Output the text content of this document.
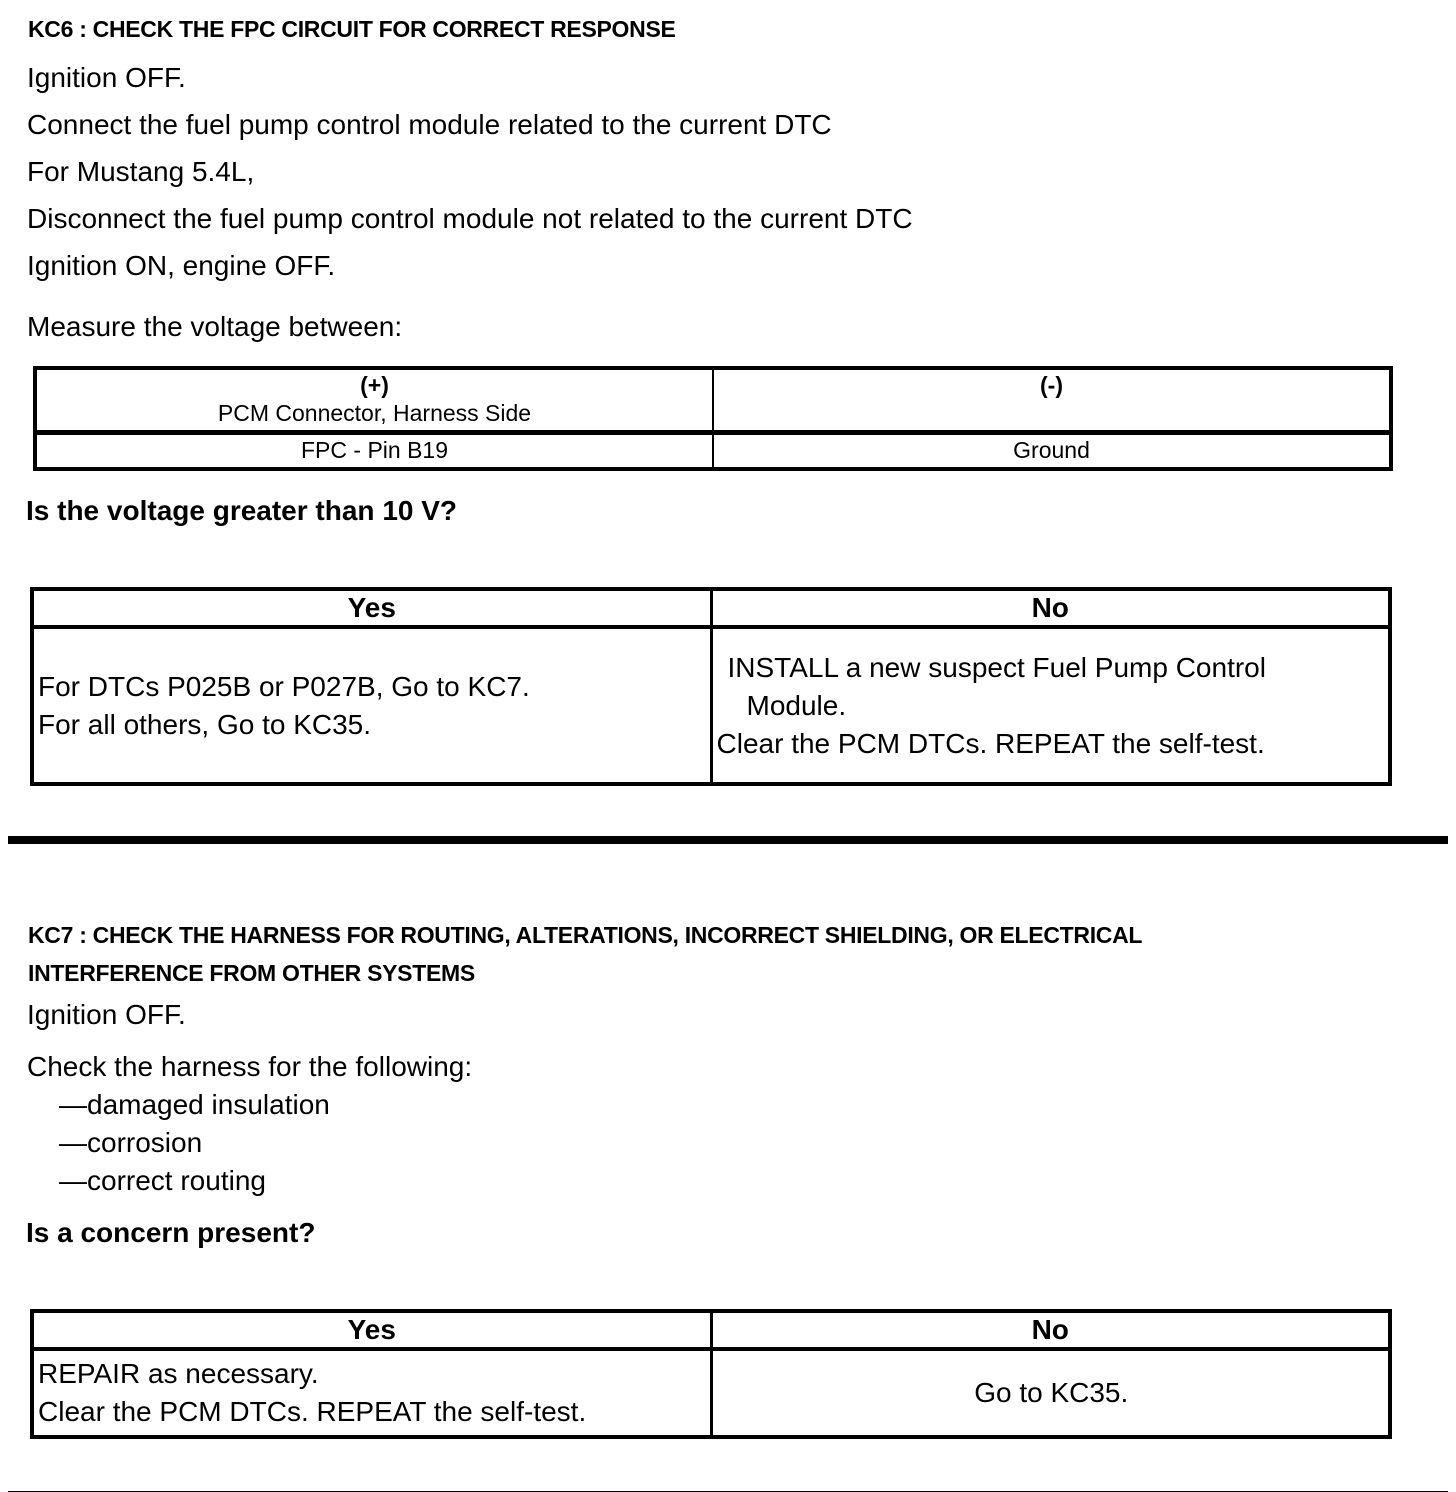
KC6 : CHECK THE FPC CIRCUIT FOR CORRECT RESPONSE

Ignition OFF.

Connect the fuel pump control module related to the current DTC

For Mustang 5.4L,

Disconnect the fuel pump control module not related to the current DTC

Ignition ON, engine OFF.

Measure the voltage between:

(+)
PCM Connector, Harness Side	(-)

FPC - Pin B19	Ground

Is the voltage greater than 10 V?

Yes	No

For DTCs P025B or P027B, Go to KC7.
For all others, Go to KC35.	INSTALL a new suspect Fuel Pump Control
Module.
Clear the PCM DTCs. REPEAT the self-test.
KC7 : CHECK THE HARNESS FOR ROUTING, ALTERATIONS, INCORRECT SHIELDING, OR ELECTRICAL INTERFERENCE FROM OTHER SYSTEMS

Ignition OFF.

Check the harness for the following:
—damaged insulation
—corrosion
—correct routing

Is a concern present?

Yes	No

REPAIR as necessary.
Clear the PCM DTCs. REPEAT the self-test.	Go to KC35.
